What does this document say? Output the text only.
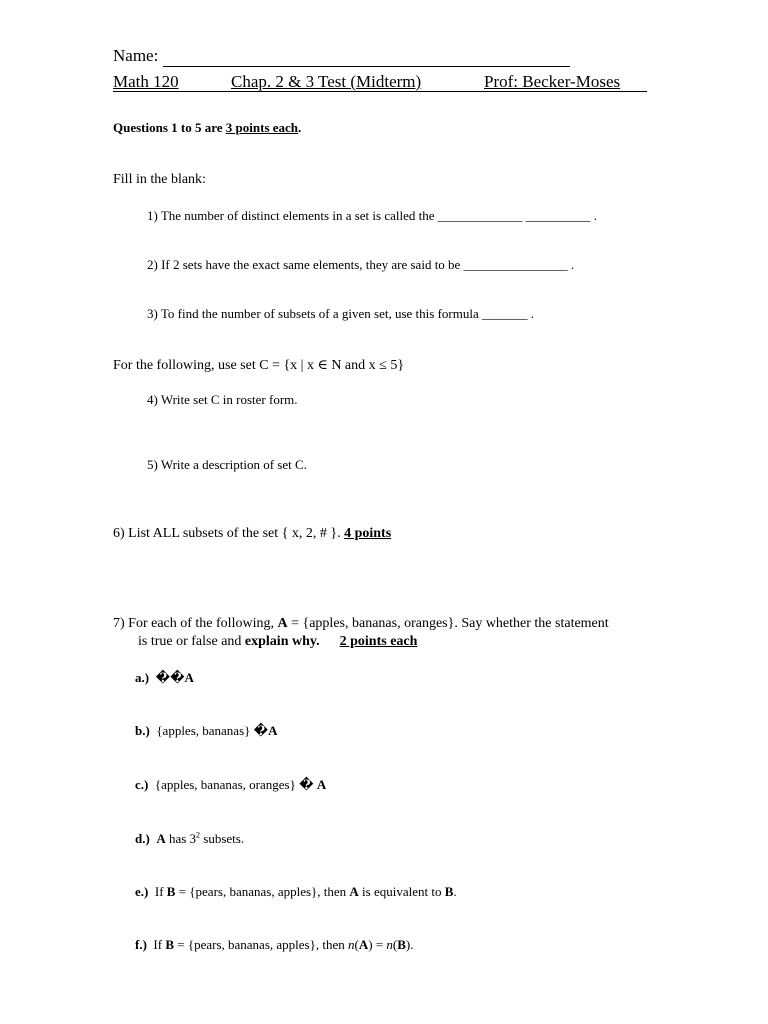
Name:
Math 120	Chap. 2 & 3 Test (Midterm)	Prof: Becker-Moses
Questions 1 to 5 are 3 points each.
Fill in the blank:
1) The number of distinct elements in a set is called the _____________ __________ .
2) If 2 sets have the exact same elements, they are said to be ________________ .
3) To find the number of subsets of a given set, use this formula _______ .
For the following, use set C = {x | x ∈ N and x ≤ 5}
4) Write set C in roster form.
5) Write a description of set C.
6) List ALL subsets of the set { x, 2, # }. 4 points
7) For each of the following, A = {apples, bananas, oranges}. Say whether the statement
is true or false and explain why. 2 points each
a.) ��A
b.) {apples, bananas} �A
c.) {apples, bananas, oranges} � A
d.) A has $3^2$ subsets.
e.) If B = {pears, bananas, apples}, then A is equivalent to B.
f.) If B = {pears, bananas, apples}, then n(A) = n(B).
